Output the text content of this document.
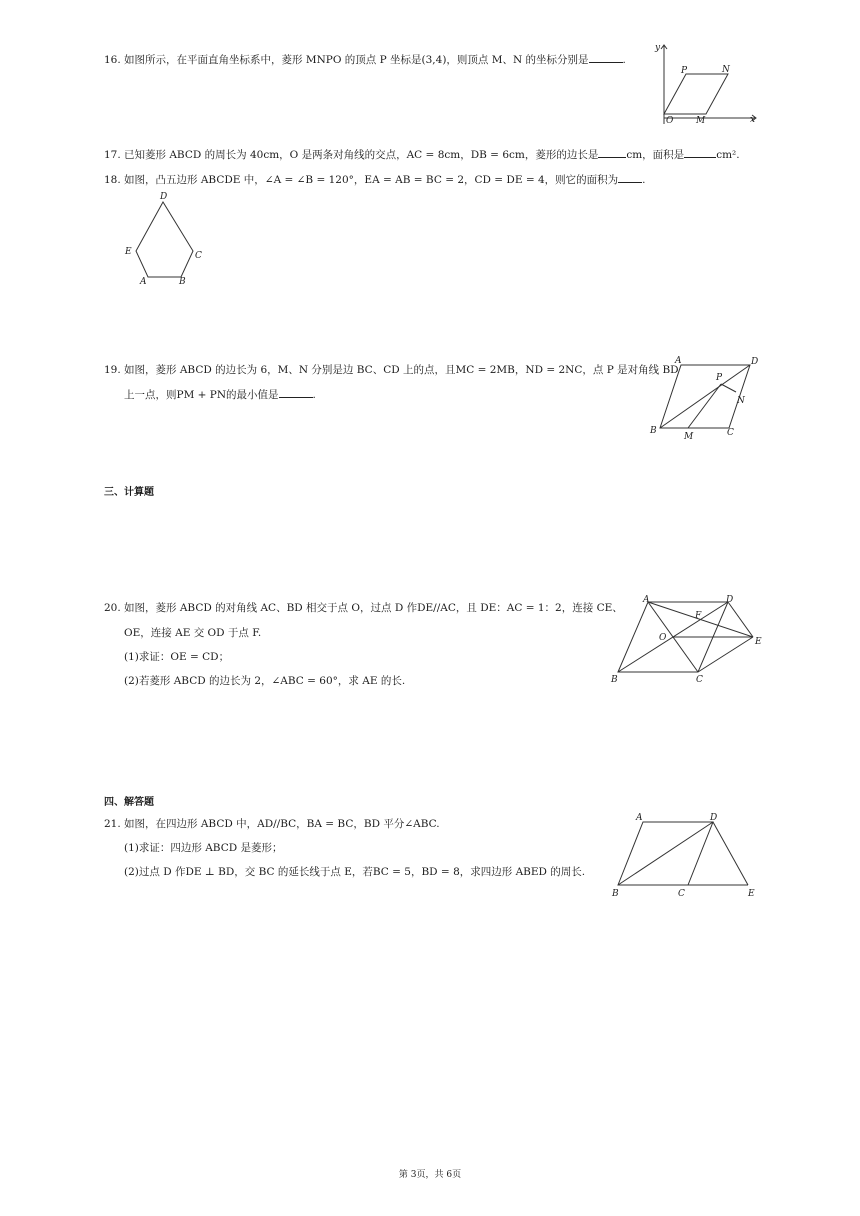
16. 如图所示，在平面直角坐标系中，菱形 MNPO 的顶点 P 坐标是(3,4)，则顶点 M、N 的坐标分别是	.
y
x
O
P	N
M
17. 已知菱形 ABCD 的周长为 40cm，O 是两条对角线的交点，AC = 8cm，DB = 6cm，菱形的边长是	cm，面积是	cm².
18. 如图，凸五边形 ABCDE 中，∠A = ∠B = 120°，EA = AB = BC = 2，CD = DE = 4，则它的面积为 .
D
E	C
A	B
19. 如图，菱形 ABCD 的边长为 6，M、N 分别是边 BC、CD 上的点，且MC = 2MB，ND = 2NC，点 P 是对角线 BD
上一点，则PM + PN的最小值是	.
A	D
B	C
M
N
P
三、计算题
20. 如图，菱形 ABCD 的对角线 AC、BD 相交于点 O，过点 D 作DE//AC，且 DE：AC = 1：2，连接 CE、
OE，连接 AE 交 OD 于点 F.
(1)求证：OE = CD；
(2)若菱形 ABCD 的边长为 2，∠ABC = 60°，求 AE 的长.
A	D
E
F
O
B	C
四、解答题
21. 如图，在四边形 ABCD 中，AD//BC，BA = BC，BD 平分∠ABC.
(1)求证：四边形 ABCD 是菱形；
(2)过点 D 作DE ⊥ BD，交 BC 的延长线于点 E，若BC = 5，BD = 8，求四边形 ABED 的周长.
A	D
B	C	E
第 3页，共 6页
